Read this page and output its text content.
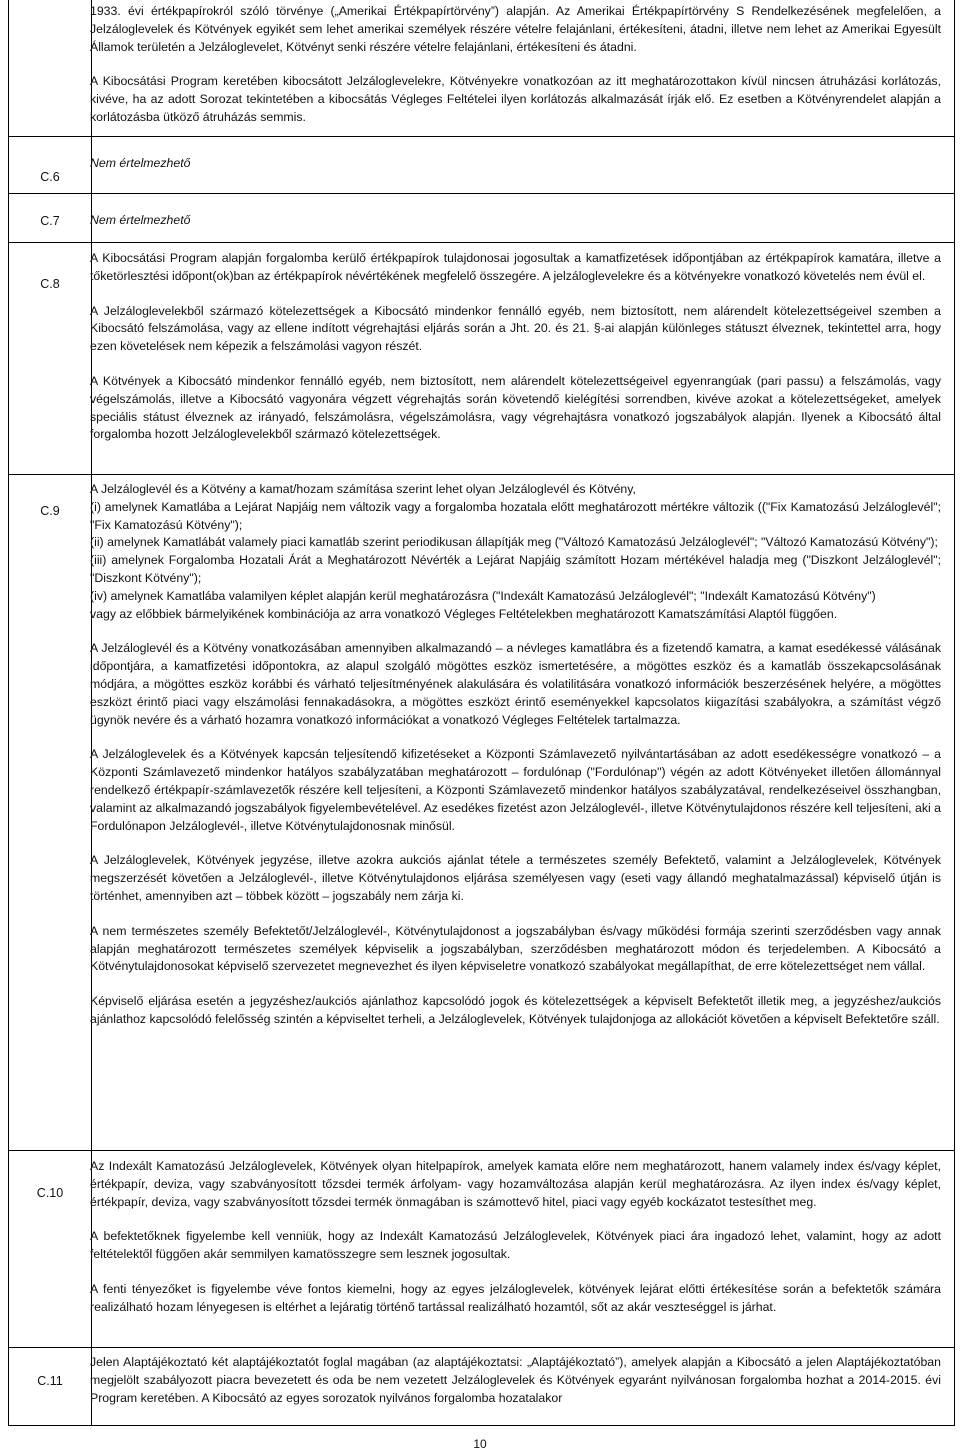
C.6
C.7
C.8
C.9
C.10
C.11

1933. évi értékpapírokról szóló törvénye („Amerikai Értékpapírtörvény”) alapján. Az Amerikai Értékpapírtörvény S Rendelkezésének megfelelően, a Jelzáloglevelek és Kötvények egyikét sem lehet amerikai személyek részére vételre felajánlani, értékesíteni, átadni, illetve nem lehet az Amerikai Egyesült Államok területén a Jelzáloglevelet, Kötvényt senki részére vételre felajánlani, értékesíteni és átadni.

A Kibocsátási Program keretében kibocsátott Jelzáloglevelekre, Kötvényekre vonatkozóan az itt meghatározottakon kívül nincsen átruházási korlátozás, kivéve, ha az adott Sorozat tekintetében a kibocsátás Végleges Feltételei ilyen korlátozás alkalmazását írják elő. Ez esetben a Kötvényrendelet alapján a korlátozásba ütköző átruházás semmis.

Nem értelmezhető
Nem értelmezhető

A Kibocsátási Program alapján forgalomba kerülő értékpapírok tulajdonosai jogosultak a kamatfizetések időpontjában az értékpapírok kamatára, illetve a tőketörlesztési időpont(ok)ban az értékpapírok névértékének megfelelő összegére. A jelzáloglevelekre és a kötvényekre vonatkozó követelés nem évül el.

A Jelzáloglevelekből származó kötelezettségek a Kibocsátó mindenkor fennálló egyéb, nem biztosított, nem alárendelt kötelezettségeivel szemben a Kibocsátó felszámolása, vagy az ellene indított végrehajtási eljárás során a Jht. 20. és 21. §-ai alapján különleges státuszt élveznek, tekintettel arra, hogy ezen követelések nem képezik a felszámolási vagyon részét.

A Kötvények a Kibocsátó mindenkor fennálló egyéb, nem biztosított, nem alárendelt kötelezettségeivel egyenrangúak (pari passu) a felszámolás, vagy végelszámolás, illetve a Kibocsátó vagyonára végzett végrehajtás során követendő kielégítési sorrendben, kivéve azokat a kötelezettségeket, amelyek speciális státust élveznek az irányadó, felszámolásra, végelszámolásra, vagy végrehajtásra vonatkozó jogszabályok alapján. Ilyenek a Kibocsátó által forgalomba hozott Jelzáloglevelekből származó kötelezettségek.

A Jelzáloglevél és a Kötvény a kamat/hozam számítása szerint lehet olyan Jelzáloglevél és Kötvény,
(i) amelynek Kamatlába a Lejárat Napjáig nem változik vagy a forgalomba hozatala előtt meghatározott mértékre változik (("Fix Kamatozású Jelzáloglevél"; "Fix Kamatozású Kötvény");
(ii) amelynek Kamatlábát valamely piaci kamatláb szerint periodikusan állapítják meg ("Változó Kamatozású Jelzáloglevél"; "Változó Kamatozású Kötvény");
(iii) amelynek Forgalomba Hozatali Árát a Meghatározott Névérték a Lejárat Napjáig számított Hozam mértékével haladja meg ("Diszkont Jelzáloglevél"; "Diszkont Kötvény");
(iv) amelynek Kamatlába valamilyen képlet alapján kerül meghatározásra ("Indexált Kamatozású Jelzáloglevél"; "Indexált Kamatozású Kötvény")

vagy az előbbiek bármelyikének kombinációja az arra vonatkozó Végleges Feltételekben meghatározott Kamatszámítási Alaptól függően.

A Jelzáloglevél és a Kötvény vonatkozásában amennyiben alkalmazandó – a névleges kamatlábra és a fizetendő kamatra, a kamat esedékessé válásának időpontjára, a kamatfizetési időpontokra, az alapul szolgáló mögöttes eszköz ismertetésére, a mögöttes eszköz és a kamatláb összekapcsolásának módjára, a mögöttes eszköz korábbi és várható teljesítményének alakulására és volatilitására vonatkozó információk beszerzésének helyére, a mögöttes eszközt érintő piaci vagy elszámolási fennakadásokra, a mögöttes eszközt érintő eseményekkel kapcsolatos kiigazítási szabályokra, a számítást végző ügynök nevére és a várható hozamra vonatkozó információkat a vonatkozó Végleges Feltételek tartalmazza.

A Jelzáloglevelek és a Kötvények kapcsán teljesítendő kifizetéseket a Központi Számlavezető nyilvántartásában az adott esedékességre vonatkozó – a Központi Számlavezető mindenkor hatályos szabályzatában meghatározott – fordulónap ("Fordulónap") végén az adott Kötvényeket illetően állománnyal rendelkező értékpapír-számlavezetők részére kell teljesíteni, a Központi Számlavezető mindenkor hatályos szabályzatával, rendelkezéseivel összhangban, valamint az alkalmazandó jogszabályok figyelembevételével. Az esedékes fizetést azon Jelzáloglevél-, illetve Kötvénytulajdonos részére kell teljesíteni, aki a Fordulónapon Jelzáloglevél-, illetve Kötvénytulajdonosnak minősül.

A Jelzáloglevelek, Kötvények jegyzése, illetve azokra aukciós ajánlat tétele a természetes személy Befektető, valamint a Jelzáloglevelek, Kötvények megszerzését követően a Jelzáloglevél-, illetve Kötvénytulajdonos eljárása személyesen vagy (eseti vagy állandó meghatalmazással) képviselő útján is történhet, amennyiben azt – többek között – jogszabály nem zárja ki.

A nem természetes személy Befektetőt/Jelzáloglevél-, Kötvénytulajdonost a jogszabályban és/vagy működési formája szerinti szerződésben vagy annak alapján meghatározott természetes személyek képviselik a jogszabályban, szerződésben meghatározott módon és terjedelemben. A Kibocsátó a Kötvénytulajdonosokat képviselő szervezetet megnevezhet és ilyen képviseletre vonatkozó szabályokat megállapíthat, de erre kötelezettséget nem vállal.

Képviselő eljárása esetén a jegyzéshez/aukciós ajánlathoz kapcsolódó jogok és kötelezettségek a képviselt Befektetőt illetik meg, a jegyzéshez/aukciós ajánlathoz kapcsolódó felelősség szintén a képviseltet terheli, a Jelzáloglevelek, Kötvények tulajdonjoga az allokációt követően a képviselt Befektetőre száll.

Az Indexált Kamatozású Jelzáloglevelek, Kötvények olyan hitelpapírok, amelyek kamata előre nem meghatározott, hanem valamely index és/vagy képlet, értékpapír, deviza, vagy szabványosított tőzsdei termék árfolyam- vagy hozamváltozása alapján kerül meghatározásra. Az ilyen index és/vagy képlet, értékpapír, deviza, vagy szabványosított tőzsdei termék önmagában is számottevő hitel, piaci vagy egyéb kockázatot testesíthet meg.

A befektetőknek figyelembe kell venniük, hogy az Indexált Kamatozású Jelzáloglevelek, Kötvények piaci ára ingadozó lehet, valamint, hogy az adott feltételektől függően akár semmilyen kamatösszegre sem lesznek jogosultak.

A fenti tényezőket is figyelembe véve fontos kiemelni, hogy az egyes jelzáloglevelek, kötvények lejárat előtti értékesítése során a befektetők számára realizálható hozam lényegesen is eltérhet a lejáratig történő tartással realizálható hozamtól, sőt az akár veszteséggel is járhat.

Jelen Alaptájékoztató két alaptájékoztatót foglal magában (az alaptájékoztatsi: „Alaptájékoztató”), amelyek alapján a Kibocsátó a jelen Alaptájékoztatóban megjelölt szabályozott piacra bevezetett és oda be nem vezetett Jelzáloglevelek és Kötvények egyaránt nyilvánosan forgalomba hozhat a 2014-2015. évi Program keretében. A Kibocsátó az egyes sorozatok nyilvános forgalomba hozatalakor

10
